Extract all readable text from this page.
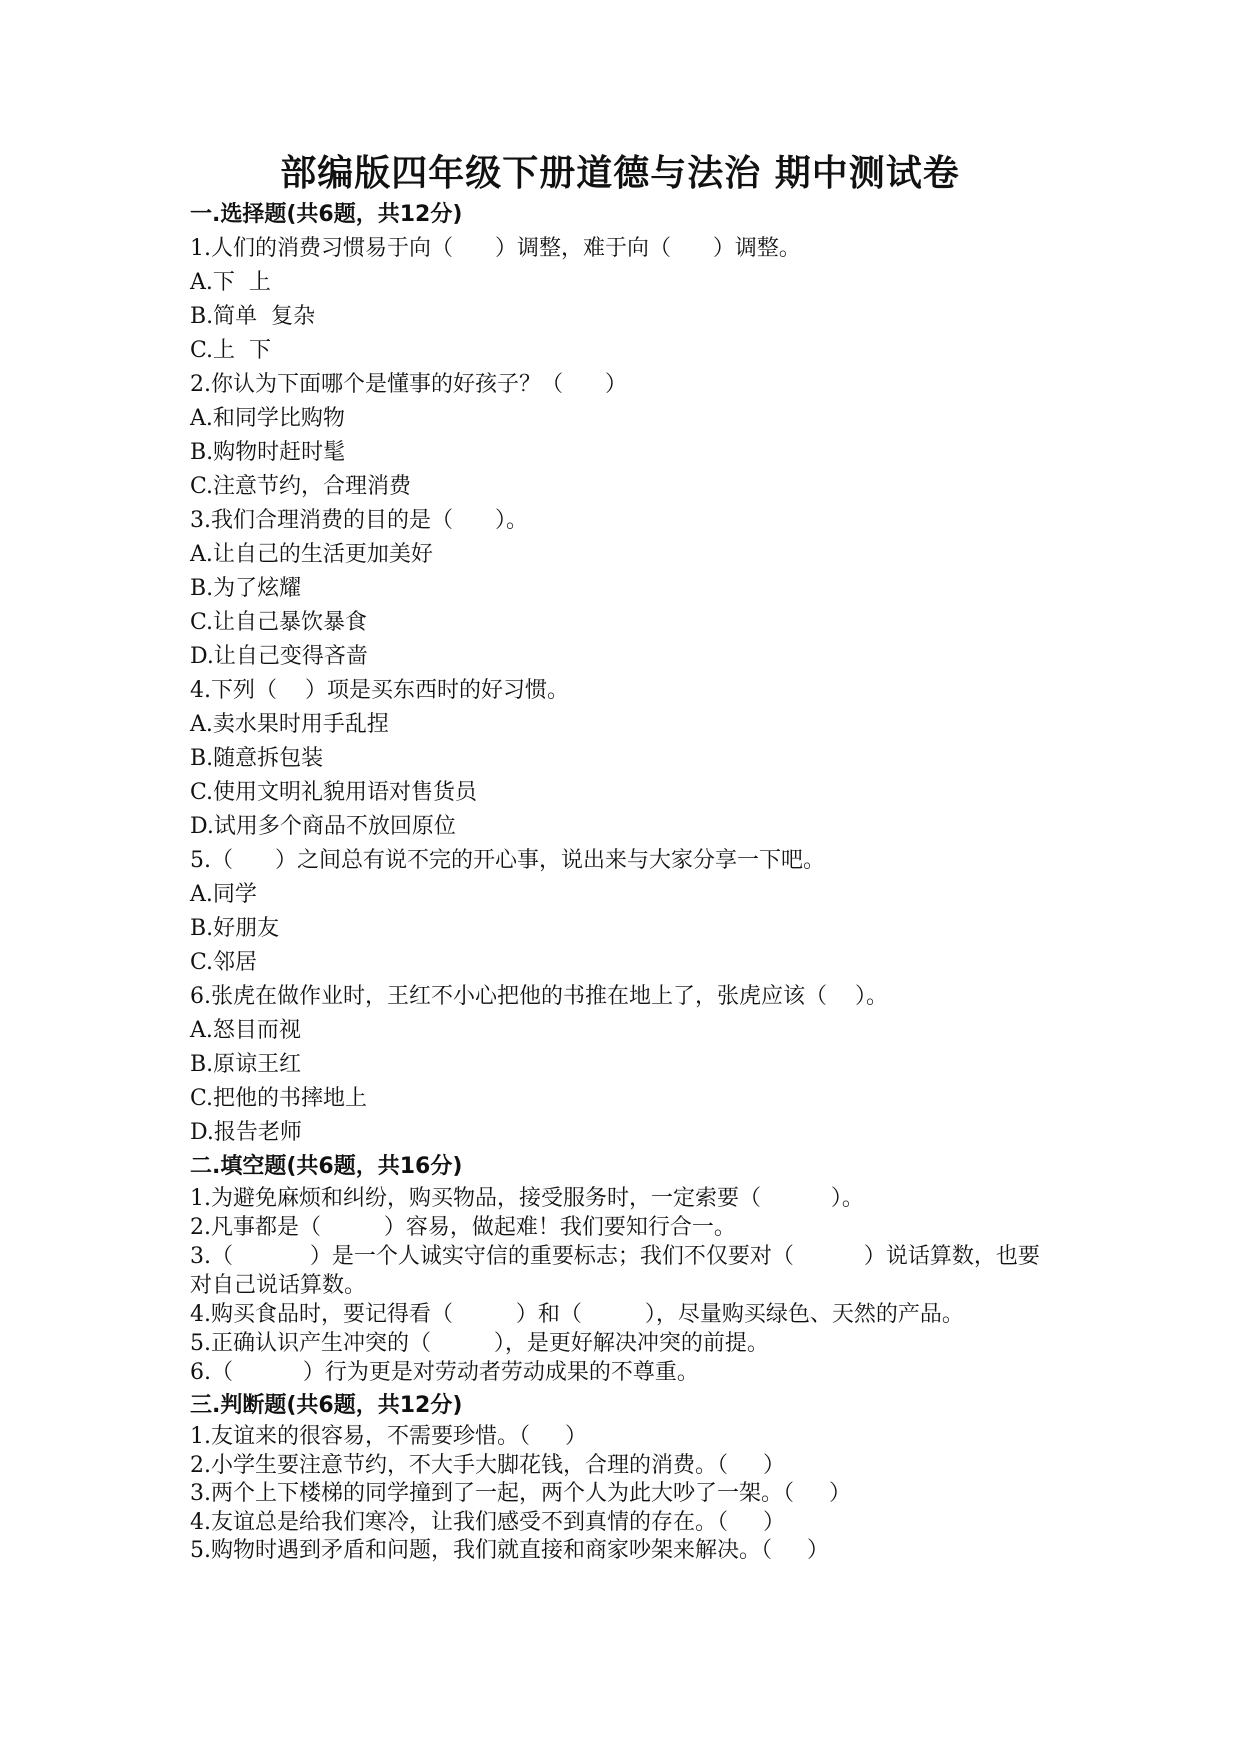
部编版四年级下册道德与法治 期中测试卷
一.选择题(共6题，共12分)
1.人们的消费习惯易于向（      ）调整，难于向（      ）调整。
A.下  上
B.简单  复杂
C.上  下
2.你认为下面哪个是懂事的好孩子？（      ）
A.和同学比购物
B.购物时赶时髦
C.注意节约，合理消费
3.我们合理消费的目的是（      ）。
A.让自己的生活更加美好
B.为了炫耀
C.让自己暴饮暴食
D.让自己变得吝啬
4.下列（    ）项是买东西时的好习惯。
A.卖水果时用手乱捏
B.随意拆包装
C.使用文明礼貌用语对售货员
D.试用多个商品不放回原位
5.（      ）之间总有说不完的开心事，说出来与大家分享一下吧。
A.同学
B.好朋友
C.邻居
6.张虎在做作业时，王红不小心把他的书推在地上了，张虎应该（    ）。
A.怒目而视
B.原谅王红
C.把他的书摔地上
D.报告老师
二.填空题(共6题，共16分)
1.为避免麻烦和纠纷，购买物品，接受服务时，一定索要（          ）。
2.凡事都是（         ）容易，做起难！我们要知行合一。
3.（           ）是一个人诚实守信的重要标志；我们不仅要对（          ）说话算数，也要对自己说话算数。
4.购买食品时，要记得看（         ）和（         ），尽量购买绿色、天然的产品。
5.正确认识产生冲突的（         ），是更好解决冲突的前提。
6.（          ）行为更是对劳动者劳动成果的不尊重。
三.判断题(共6题，共12分)
1.友谊来的很容易，不需要珍惜。（     ）
2.小学生要注意节约，不大手大脚花钱，合理的消费。（     ）
3.两个上下楼梯的同学撞到了一起，两个人为此大吵了一架。（     ）
4.友谊总是给我们寒冷，让我们感受不到真情的存在。（     ）
5.购物时遇到矛盾和问题，我们就直接和商家吵架来解决。（     ）
